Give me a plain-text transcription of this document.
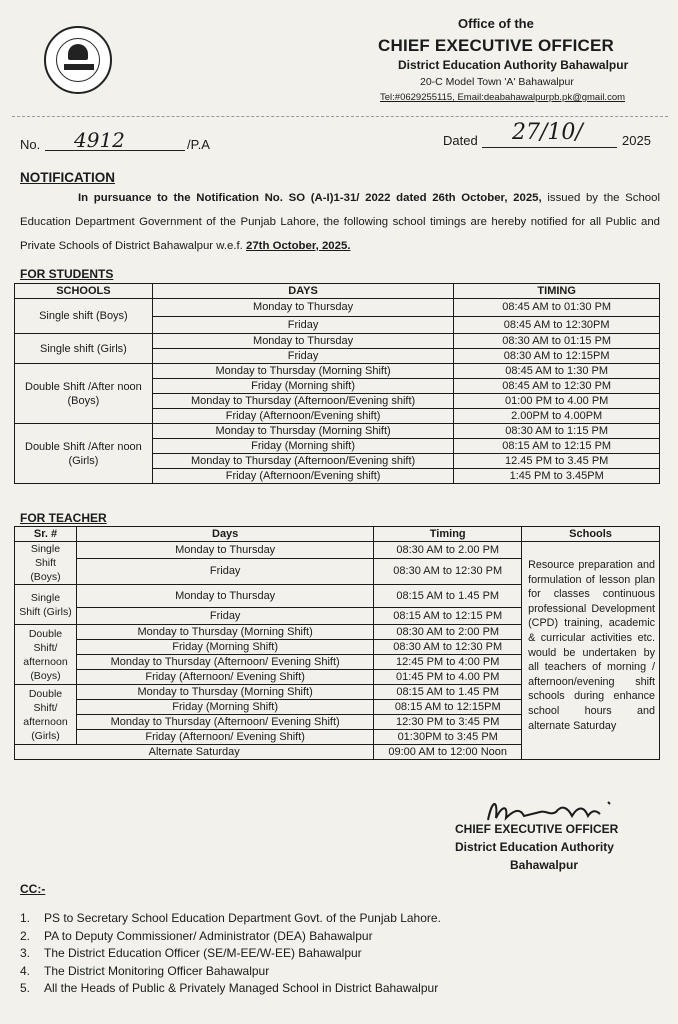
Office of the
CHIEF EXECUTIVE OFFICER
District Education Authority Bahawalpur
20-C Model Town 'A' Bahawalpur
Tel:#0629255115, Email:deabahawalpurpb.pk@gmail.com
No. 4912	/P.A	Dated 27/10/	2025
NOTIFICATION
In pursuance to the Notification No. SO (A-I)1-31/ 2022 dated 26th October, 2025, issued by the School Education Department Government of the Punjab Lahore, the following school timings are hereby notified for all Public and Private Schools of District Bahawalpur w.e.f. 27th October, 2025.
FOR STUDENTS
SCHOOLS	DAYS	TIMING
Single shift (Boys)	Monday to Thursday	08:45 AM to 01:30 PM
	Friday	08:45 AM to 12:30PM
Single shift (Girls)	Monday to Thursday	08:30 AM to 01:15 PM
	Friday	08:30 AM to 12:15PM
Double Shift /After noon (Boys)	Monday to Thursday (Morning Shift)	08:45 AM to 1:30 PM
	Friday (Morning shift)	08:45 AM to 12:30 PM
	Monday to Thursday (Afternoon/Evening shift)	01:00 PM to 4.00 PM
	Friday (Afternoon/Evening shift)	2.00PM to 4.00PM
Double Shift /After noon (Girls)	Monday to Thursday (Morning Shift)	08:30 AM to 1:15 PM
	Friday (Morning shift)	08:15 AM to 12:15 PM
	Monday to Thursday (Afternoon/Evening shift)	12.45 PM to 3.45 PM
	Friday (Afternoon/Evening shift)	1:45 PM to 3.45PM
FOR TEACHER
Sr. #	Days	Timing	Schools
Single Shift (Boys)	Monday to Thursday	08:30 AM to 2.00 PM	Resource preparation and formulation of lesson plan for classes continuous professional Development (CPD) training, academic & curricular activities etc. would be undertaken by all teachers of morning / afternoon/evening shift schools during enhance school hours and alternate Saturday
	Friday	08:30 AM to 12:30 PM	
Single Shift (Girls)	Monday to Thursday	08:15 AM to 1.45 PM	
	Friday	08:15 AM to 12:15 PM	
Double Shift/ afternoon (Boys)	Monday to Thursday (Morning Shift)	08:30 AM to 2:00 PM	
	Friday (Morning Shift)	08:30 AM to 12:30 PM	
	Monday to Thursday (Afternoon/ Evening Shift)	12:45 PM to 4:00 PM	
	Friday (Afternoon/ Evening Shift)	01:45 PM to 4.00 PM	
Double Shift/ afternoon (Girls)	Monday to Thursday (Morning Shift)	08:15 AM to 1.45 PM	
	Friday (Morning Shift)	08:15 AM to 12:15PM	
	Monday to Thursday (Afternoon/ Evening Shift)	12:30 PM to 3:45 PM	
	Friday (Afternoon/ Evening Shift)	01:30PM to 3:45 PM	
Alternate Saturday		09:00 AM to 12:00 Noon	
CHIEF EXECUTIVE OFFICER
District Education Authority
Bahawalpur
CC:-
1. PS to Secretary School Education Department Govt. of the Punjab Lahore.
2. PA to Deputy Commissioner/ Administrator (DEA) Bahawalpur
3. The District Education Officer (SE/M-EE/W-EE) Bahawalpur
4. The District Monitoring Officer Bahawalpur
5. All the Heads of Public & Privately Managed School in District Bahawalpur
